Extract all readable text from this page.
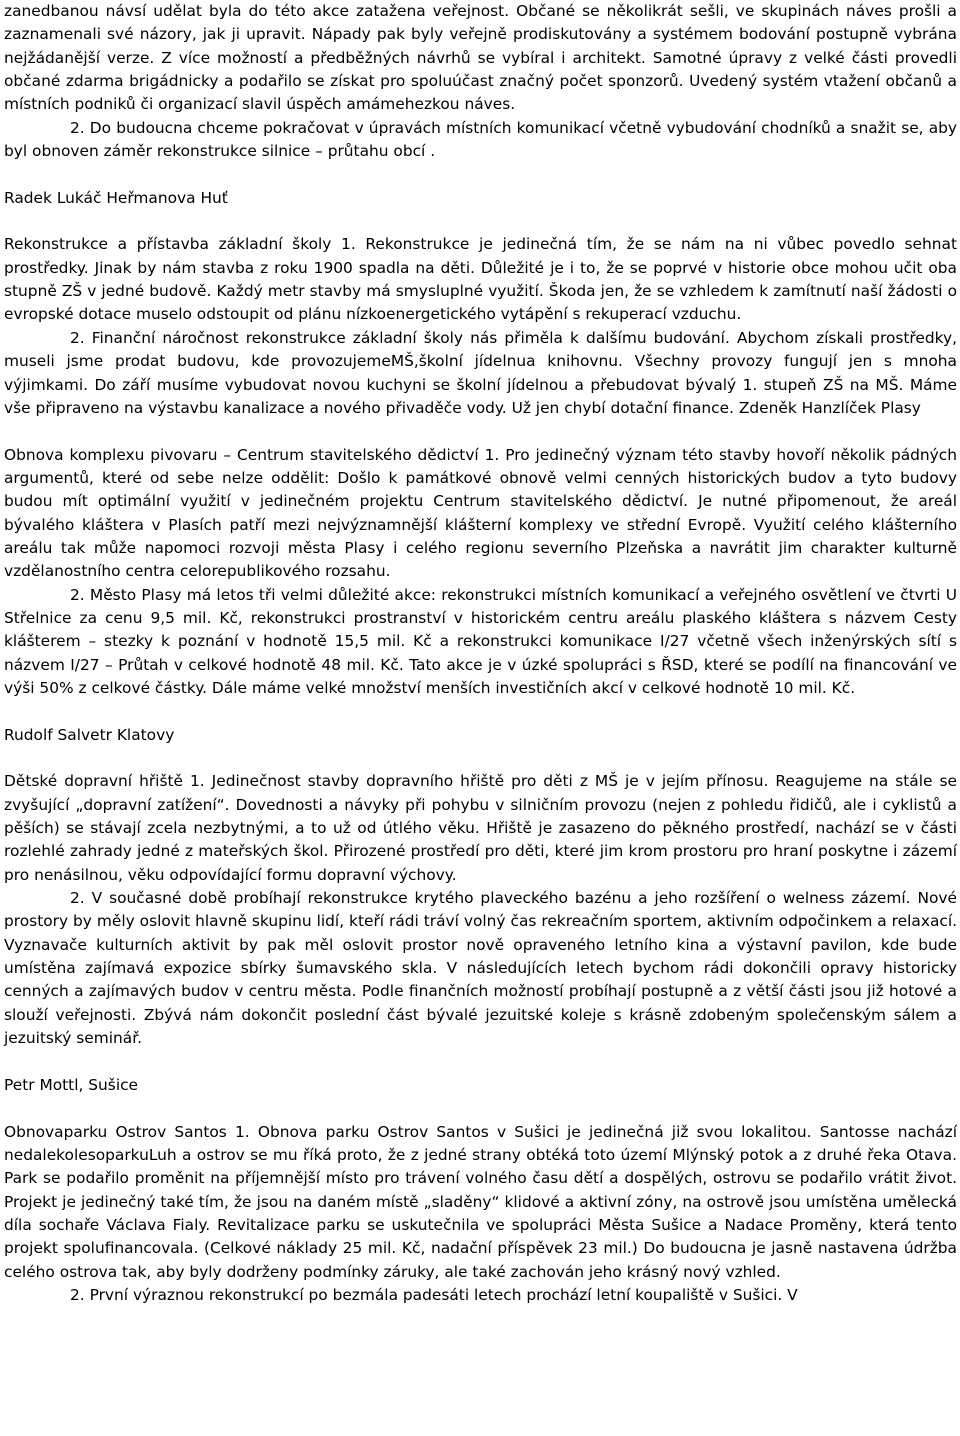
zanedbanou návsí udělat byla do této akce zatažena veřejnost. Občané se několikrát sešli, ve skupinách náves prošli a zaznamenali své názory, jak ji upravit. Nápady pak byly veřejně prodiskutovány a systémem bodování postupně vybrána nejžádanější verze. Z více možností a předběžných návrhů se vybíral i architekt. Samotné úpravy z velké části provedli občané zdarma brigádnicky a podařilo se získat pro spoluúčast značný počet sponzorů. Uvedený systém vtažení občanů a místních podniků či organizací slavil úspěch amámehezkou náves.

2. Do budoucna chceme pokračovat v úpravách místních komunikací včetně vybudování chodníků a snažit se, aby byl obnoven záměr rekonstrukce silnice – průtahu obcí .

Radek Lukáč Heřmanova Huť

Rekonstrukce a přístavba základní školy 1. Rekonstrukce je jedinečná tím, že se nám na ni vůbec povedlo sehnat prostředky. Jinak by nám stavba z roku 1900 spadla na děti. Důležité je i to, že se poprvé v historie obce mohou učit oba stupně ZŠ v jedné budově. Každý metr stavby má smysluplné využití. Škoda jen, že se vzhledem k zamítnutí naší žádosti o evropské dotace muselo odstoupit od plánu nízkoenergetického vytápění s rekuperací vzduchu.

2. Finanční náročnost rekonstrukce základní školy nás přiměla k dalšímu budování. Abychom získali prostředky, museli jsme prodat budovu, kde provozujemeMŠ,školní jídelnua knihovnu. Všechny provozy fungují jen s mnoha výjimkami. Do září musíme vybudovat novou kuchyni se školní jídelnou a přebudovat bývalý 1. stupeň ZŠ na MŠ. Máme vše připraveno na výstavbu kanalizace a nového přivaděče vody. Už jen chybí dotační finance. Zdeněk Hanzlíček Plasy

Obnova komplexu pivovaru – Centrum stavitelského dědictví 1. Pro jedinečný význam této stavby hovoří několik pádných argumentů, které od sebe nelze oddělit: Došlo k památkové obnově velmi cenných historických budov a tyto budovy budou mít optimální využití v jedinečném projektu Centrum stavitelského dědictví. Je nutné připomenout, že areál bývalého kláštera v Plasích patří mezi nejvýznamnější klášterní komplexy ve střední Evropě. Využití celého klášterního areálu tak může napomoci rozvoji města Plasy i celého regionu severního Plzeňska a navrátit jim charakter kulturně vzdělanostního centra celorepublikového rozsahu.

2. Město Plasy má letos tři velmi důležité akce: rekonstrukci místních komunikací a veřejného osvětlení ve čtvrti U Střelnice za cenu 9,5 mil. Kč, rekonstrukci prostranství v historickém centru areálu plaského kláštera s názvem Cesty klášterem – stezky k poznání v hodnotě 15,5 mil. Kč a rekonstrukci komunikace I/27 včetně všech inženýrských sítí s názvem I/27 – Průtah v celkové hodnotě 48 mil. Kč. Tato akce je v úzké spolupráci s ŘSD, které se podílí na financování ve výši 50% z celkové částky. Dále máme velké množství menších investičních akcí v celkové hodnotě 10 mil. Kč.

Rudolf Salvetr Klatovy

Dětské dopravní hřiště 1. Jedinečnost stavby dopravního hřiště pro děti z MŠ je v jejím přínosu. Reagujeme na stále se zvyšující „dopravní zatížení“. Dovednosti a návyky při pohybu v silničním provozu (nejen z pohledu řidičů, ale i cyklistů a pěších) se stávají zcela nezbytnými, a to už od útlého věku. Hřiště je zasazeno do pěkného prostředí, nachází se v části rozlehlé zahrady jedné z mateřských škol. Přirozené prostředí pro děti, které jim krom prostoru pro hraní poskytne i zázemí pro nenásilnou, věku odpovídající formu dopravní výchovy.

2. V současné době probíhají rekonstrukce krytého plaveckého bazénu a jeho rozšíření o welness zázemí. Nové prostory by měly oslovit hlavně skupinu lidí, kteří rádi tráví volný čas rekreačním sportem, aktivním odpočinkem a relaxací. Vyznavače kulturních aktivit by pak měl oslovit prostor nově opraveného letního kina a výstavní pavilon, kde bude umístěna zajímavá expozice sbírky šumavského skla. V následujících letech bychom rádi dokončili opravy historicky cenných a zajímavých budov v centru města. Podle finančních možností probíhají postupně a z větší části jsou již hotové a slouží veřejnosti. Zbývá nám dokončit poslední část bývalé jezuitské koleje s krásně zdobeným společenským sálem a jezuitský seminář.

Petr Mottl, Sušice

Obnovaparku Ostrov Santos 1. Obnova parku Ostrov Santos v Sušici je jedinečná již svou lokalitou. Santosse nachází nedalekolesoparkuLuh a ostrov se mu říká proto, že z jedné strany obtéká toto území Mlýnský potok a z druhé řeka Otava. Park se podařilo proměnit na příjemnější místo pro trávení volného času dětí a dospělých, ostrovu se podařilo vrátit život. Projekt je jedinečný také tím, že jsou na daném místě „sladěny“ klidové a aktivní zóny, na ostrově jsou umístěna umělecká díla sochaře Václava Fialy. Revitalizace parku se uskutečnila ve spolupráci Města Sušice a Nadace Proměny, která tento projekt spolufinancovala. (Celkové náklady 25 mil. Kč, nadační příspěvek 23 mil.) Do budoucna je jasně nastavena údržba celého ostrova tak, aby byly dodrženy podmínky záruky, ale také zachován jeho krásný nový vzhled.

2. První výraznou rekonstrukcí po bezmála padesáti letech prochází letní koupaliště v Sušici. V
